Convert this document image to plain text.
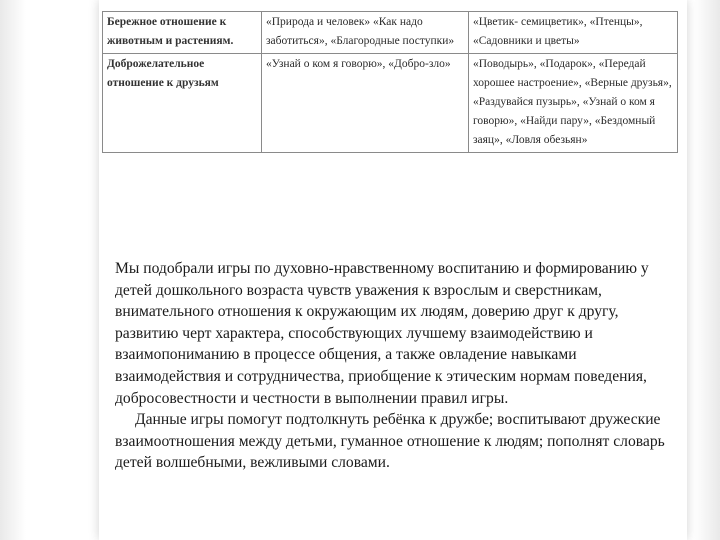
Бережное отношение к животным и растениям.	«Природа и человек» «Как надо заботиться», «Благородные поступки»	«Цветик- семицветик», «Птенцы», «Садовники и цветы»
Доброжелательное отношение к друзьям	«Узнай о ком я говорю», «Добро-зло»	«Поводырь», «Подарок», «Передай хорошее настроение», «Верные друзья», «Раздувайся пузырь», «Узнай о ком я говорю», «Найди пару», «Бездомный заяц», «Ловля обезьян»

Мы подобрали игры по духовно-нравственному воспитанию и формированию у детей дошкольного возраста чувств уважения к взрослым и сверстникам, внимательного отношения к окружающим их людям, доверию друг к другу, развитию черт характера, способствующих лучшему взаимодействию и взаимопониманию в процессе общения, а также овладение навыками взаимодействия и сотрудничества, приобщение к этическим нормам поведения, добросовестности и честности в выполнении правил игры.

Данные игры помогут подтолкнуть ребёнка к дружбе; воспитывают дружеские взаимоотношения между детьми, гуманное отношение к людям; пополнят словарь детей волшебными, вежливыми словами.
